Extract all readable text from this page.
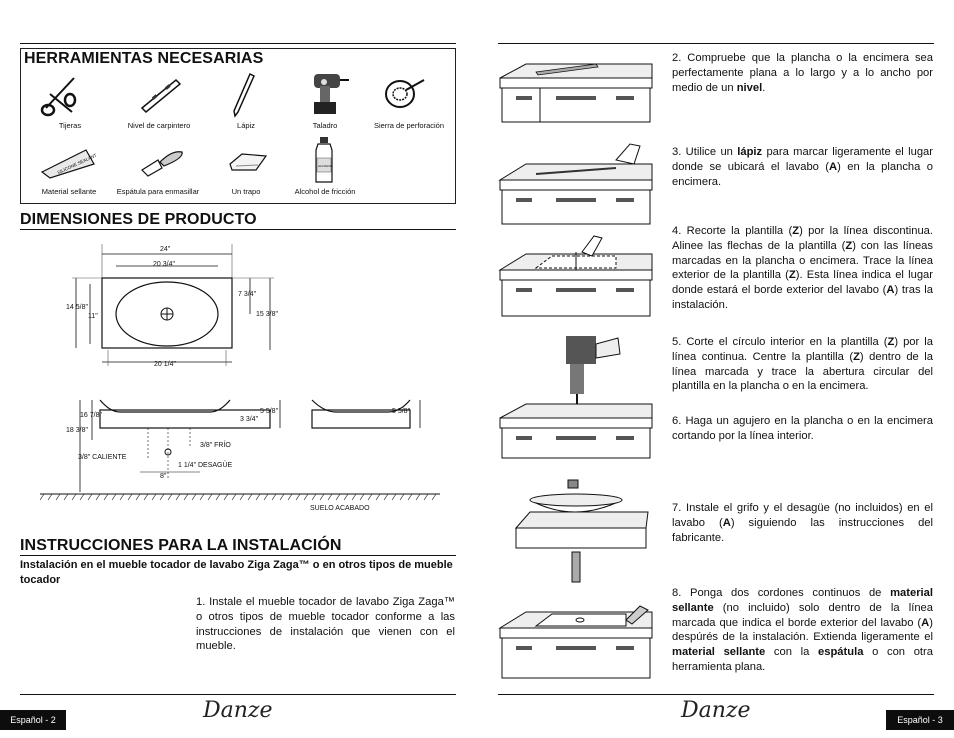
HERRAMIENTAS NECESARIAS
Tijeras	Nivel de carpintero	Lápiz	Taladro	Sierra de perforación
SILICONE SEALANT	ALCOHOL
Material sellante	Espátula para enmasillar	Un trapo	Alcohol de fricción
DIMENSIONES DE PRODUCTO
24"
20 3/4"
14 5/8"
11"
7 3/4"
15 3/8"
20 1/4"
16 7/8"
18 3/8"
5 5/8"
3 3/4"
5 5/8"
3/8" FRÍO
3/8" CALIENTE
1 1/4" DESAGÜE
8"
SUELO ACABADO
INSTRUCCIONES PARA LA INSTALACIÓN
Instalación en el mueble tocador de lavabo Ziga Zaga™ o en otros tipos de mueble tocador
1. Instale el mueble tocador de lavabo Ziga Zaga™ o otros tipos de mueble tocador conforme a las instrucciones de instalación que vienen con el mueble.
Español - 2	Danze
2. Compruebe que la plancha o la encimera sea perfectamente plana a lo largo y a lo ancho por medio de un nivel.
3. Utilice un lápiz para marcar ligeramente el lugar donde se ubicará el lavabo (A) en la plancha o encimera.
4. Recorte la plantilla (Z) por la línea discontinua. Alinee las flechas de la plantilla (Z) con las líneas marcadas en la plancha o encimera. Trace la línea exterior de la plantilla (Z). Esta línea indica el lugar donde estará el borde exterior del lavabo (A) tras la instalación.
5. Corte el círculo interior en la plantilla (Z) por la línea continua. Centre la plantilla (Z) dentro de la línea marcada y trace la abertura circular del plantilla en la plancha o en la encimera.
6. Haga un agujero en la plancha o en la encimera cortando por la línea interior.
7. Instale el grifo y el desagüe (no incluidos) en el lavabo (A) siguiendo las instrucciones del fabricante.
8. Ponga dos cordones continuos de material sellante (no incluido) solo dentro de la línea marcada que indica el borde exterior del lavabo (A) despúrés de la instalación. Extienda ligeramente el material sellante con la espátula o con otra herramienta plana.
Español - 3
Danze
